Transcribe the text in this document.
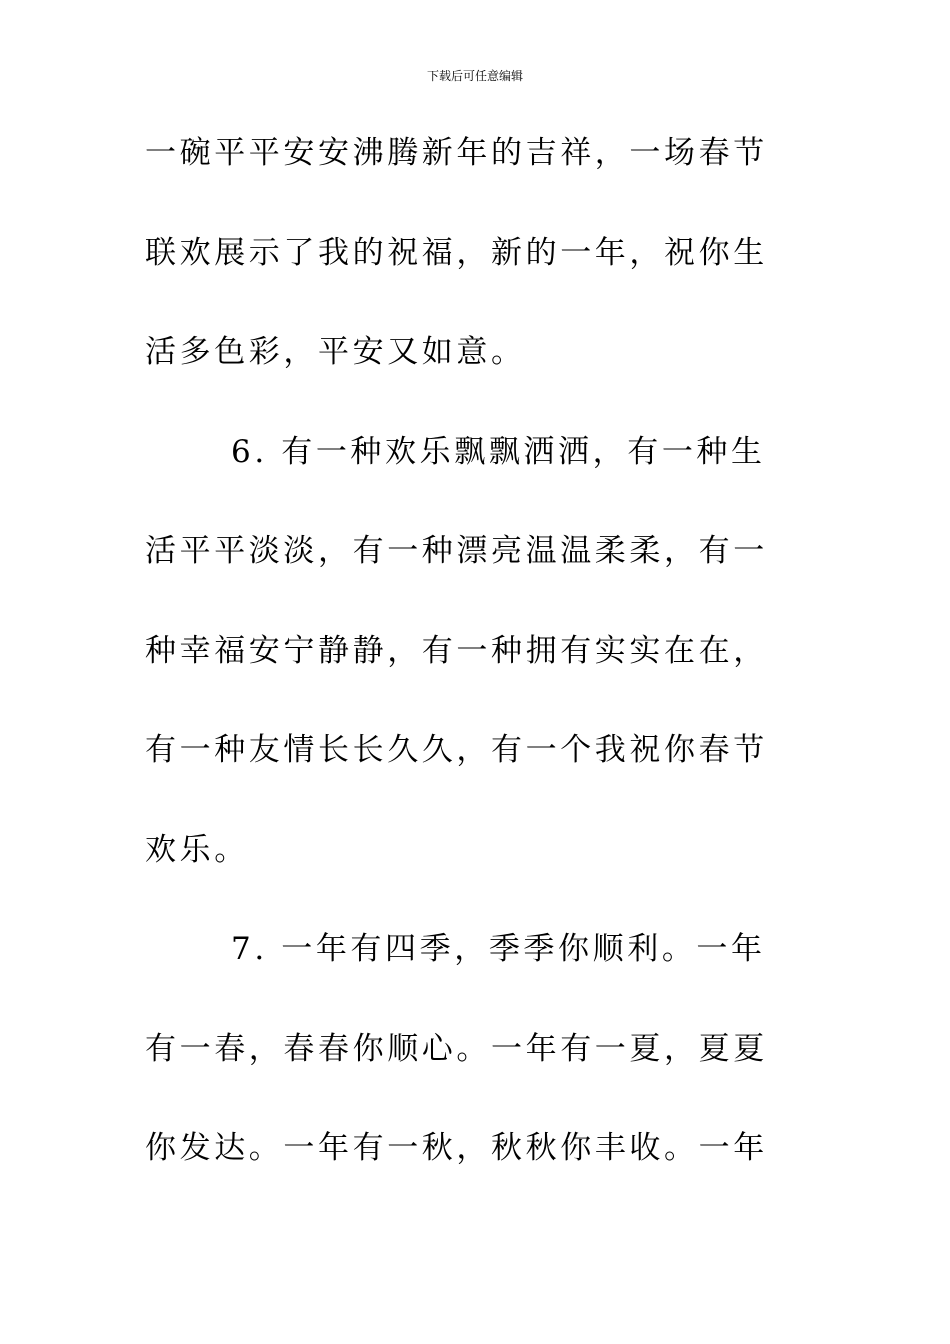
下载后可任意编辑
一碗平平安安沸腾新年的吉祥，一场春节
联欢展示了我的祝福，新的一年，祝你生
活多色彩，平安又如意。
6. 有一种欢乐飘飘洒洒，有一种生
活平平淡淡，有一种漂亮温温柔柔，有一
种幸福安宁静静，有一种拥有实实在在，
有一种友情长长久久，有一个我祝你春节
欢乐。
7. 一年有四季，季季你顺利。一年
有一春，春春你顺心。一年有一夏，夏夏
你发达。一年有一秋，秋秋你丰收。一年
